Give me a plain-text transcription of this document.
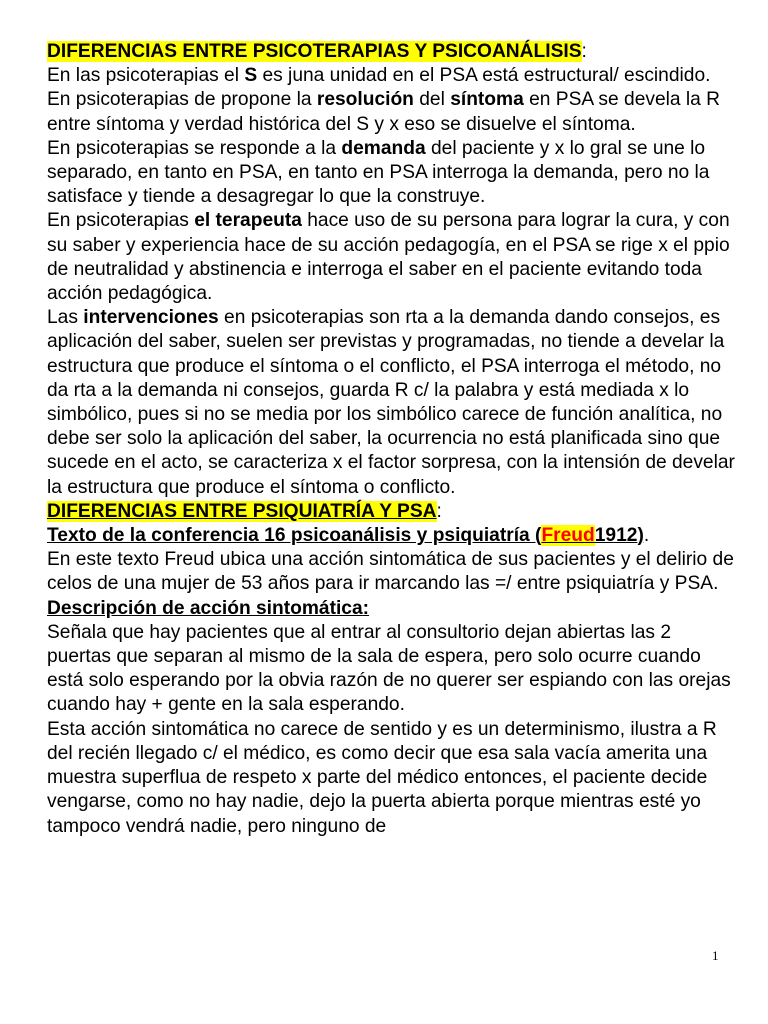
DIFERENCIAS ENTRE PSICOTERAPIAS Y PSICOANÁLISIS:

En las psicoterapias el S es juna unidad en el PSA está estructural/ escindido.

En psicoterapias de propone la resolución del síntoma en PSA se devela la R entre síntoma y verdad histórica del S y x eso se disuelve el síntoma.

En psicoterapias se responde a la demanda del paciente y x lo gral se une lo separado, en tanto en PSA, en tanto en PSA interroga la demanda, pero no la satisface y tiende a desagregar lo que la construye.

En psicoterapias el terapeuta hace uso de su persona para lograr la cura, y con su saber y experiencia hace de su acción pedagogía, en el PSA se rige x el ppio de neutralidad y abstinencia e interroga el saber en el paciente evitando toda acción pedagógica.

Las intervenciones en psicoterapias son rta a la demanda dando consejos, es aplicación del saber, suelen ser previstas y programadas, no tiende a develar la estructura que produce el síntoma o el conflicto, el PSA interroga el método, no da rta a la demanda ni consejos, guarda R c/ la palabra y está mediada x lo simbólico, pues si no se media por los simbólico carece de función analítica, no debe ser solo la aplicación del saber, la ocurrencia no está planificada sino que sucede en el acto, se caracteriza x el factor sorpresa, con la intensión de develar la estructura que produce el síntoma o conflicto.

DIFERENCIAS ENTRE PSIQUIATRÍA Y PSA:

Texto de la conferencia 16 psicoanálisis y psiquiatría (Freud1912).

En este texto Freud ubica una acción sintomática de sus pacientes y el delirio de celos de una mujer de 53 años para ir marcando las =/ entre psiquiatría y PSA.

Descripción de acción sintomática:

Señala que hay pacientes que al entrar al consultorio dejan abiertas las 2 puertas que separan al mismo de la sala de espera, pero solo ocurre cuando está solo esperando por la obvia razón de no querer ser espiando con las orejas cuando hay + gente en la sala esperando.

Esta acción sintomática no carece de sentido y es un determinismo, ilustra a R del recién llegado c/ el médico, es como decir que esa sala vacía amerita una muestra superflua de respeto x parte del médico entonces, el paciente decide vengarse, como no hay nadie, dejo la puerta abierta porque mientras esté yo tampoco vendrá nadie, pero ninguno de

1
